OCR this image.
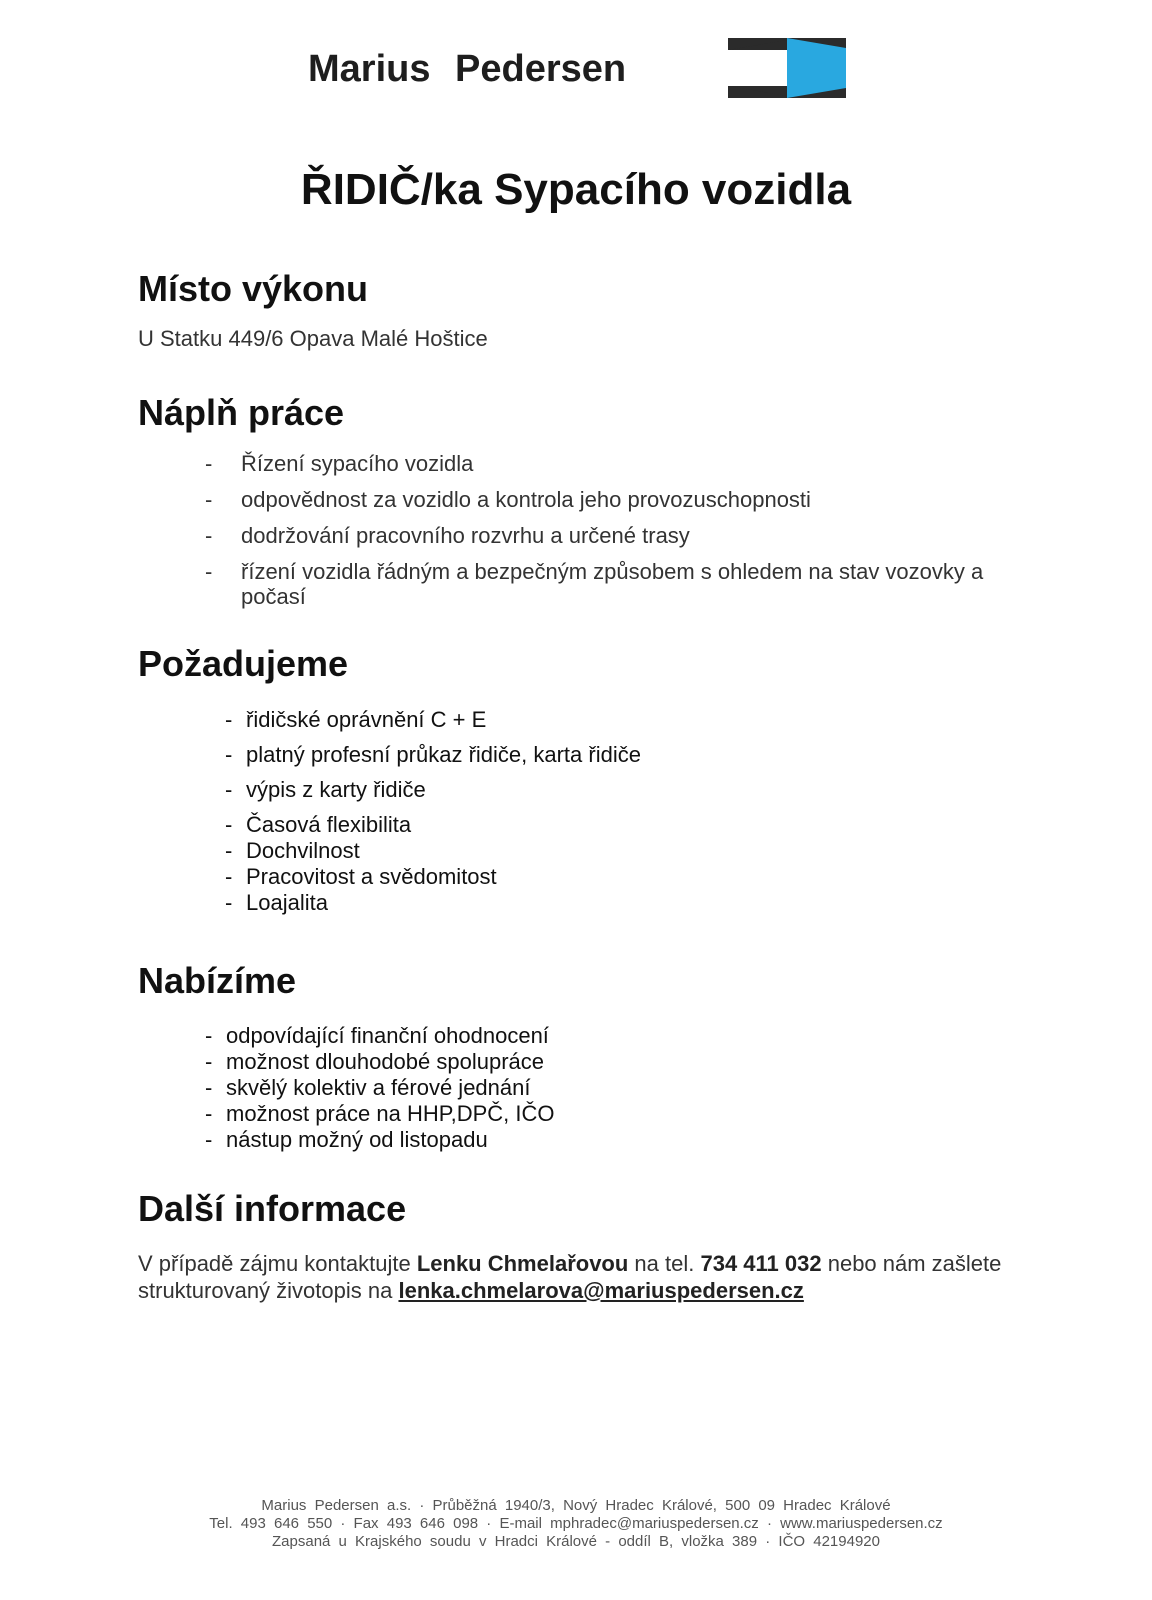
Marius Pedersen
ŘIDIČ/ka Sypacího vozidla
Místo výkonu
U Statku 449/6 Opava Malé Hoštice
Náplň práce
- Řízení sypacího vozidla
- odpovědnost za vozidlo a kontrola jeho provozuschopnosti
- dodržování pracovního rozvrhu a určené trasy
- řízení vozidla řádným a bezpečným způsobem s ohledem na stav vozovky a počasí
Požadujeme
- řidičské oprávnění C + E
- platný profesní průkaz řidiče, karta řidiče
- výpis z karty řidiče
- Časová flexibilita
- Dochvilnost
- Pracovitost a svědomitost
- Loajalita
Nabízíme
- odpovídající finanční ohodnocení
- možnost dlouhodobé spolupráce
- skvělý kolektiv a férové jednání
- možnost práce na HHP,DPČ, IČO
- nástup možný od listopadu
Další informace
V případě zájmu kontaktujte Lenku Chmelařovou na tel. 734 411 032 nebo nám zašlete strukturovaný životopis na lenka.chmelarova@mariuspedersen.cz
Marius Pedersen a.s. · Průběžná 1940/3, Nový Hradec Králové, 500 09 Hradec Králové
Tel. 493 646 550 · Fax 493 646 098 · E-mail mphradec@mariuspedersen.cz · www.mariuspedersen.cz
Zapsaná u Krajského soudu v Hradci Králové - oddíl B, vložka 389 · IČO 42194920
